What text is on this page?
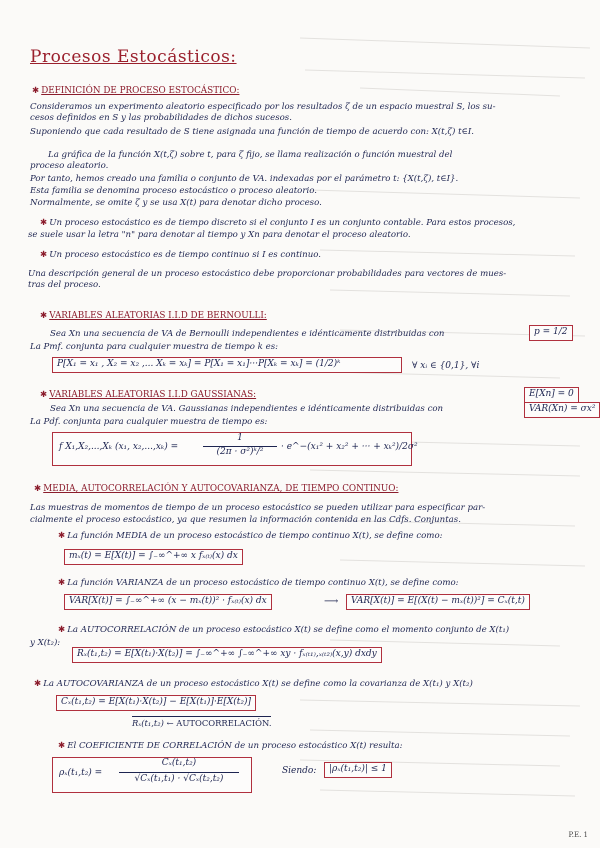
Procesos Estocásticos:
✱ DEFINICIÓN DE PROCESO ESTOCÁSTICO:
Consideramos un experimento aleatorio especificado por los resultados ζ de un espacio muestral S, los su-
cesos definidos en S y las probabilidades de dichos sucesos.
Suponiendo que cada resultado de S tiene asignada una función de tiempo de acuerdo con: X(t,ζ) t∈I.
La gráfica de la función X(t,ζ) sobre t, para ζ fijo, se llama realización o función muestral del
proceso aleatorio.
Por tanto, hemos creado una familia o conjunto de VA. indexadas por el parámetro t: {X(t,ζ), t∈I}.
Esta familia se denomina proceso estocástico o proceso aleatorio.
Normalmente, se omite ζ y se usa X(t) para denotar dicho proceso.
✱ Un proceso estocástico es de tiempo discreto si el conjunto I es un conjunto contable. Para estos procesos,
se suele usar la letra "n" para denotar al tiempo y Xn para denotar el proceso aleatorio.
✱ Un proceso estocástico es de tiempo continuo si I es continuo.
Una descripción general de un proceso estocástico debe proporcionar probabilidades para vectores de mues-
tras del proceso.
✱ VARIABLES ALEATORIAS I.I.D DE BERNOULLI:
Sea Xn una secuencia de VA de Bernoulli independientes e idénticamente distribuidas con	p = 1/2
La Pmf. conjunta para cualquier muestra de tiempo k es:
P[X₁ = x₁ , X₂ = x₂ ,... Xₖ = xₖ] = P[X₁ = x₁]···P[Xₖ = xₖ] = (1/2)ᵏ	∀ xᵢ ∈ {0,1}, ∀i
✱ VARIABLES ALEATORIAS I.I.D GAUSSIANAS:	E[Xn] = 0
VAR(Xn) = σx²
Sea Xn una secuencia de VA. Gaussianas independientes e idénticamente distribuidas con
La Pdf. conjunta para cualquier muestra de tiempo es:
f X₁,X₂,...,Xₖ (x₁, x₂,...,xₖ) =
1
(2π · σ²)ᵏ/²	· e^−(x₁² + x₂² + ··· + xₖ²)/2σ²
✱ MEDIA, AUTOCORRELACIÓN Y AUTOCOVARIANZA, DE TIEMPO CONTINUO:
Las muestras de momentos de tiempo de un proceso estocástico se pueden utilizar para especificar par-
cialmente el proceso estocástico, ya que resumen la información contenida en las Cdfs. Conjuntas.
✱ La función MEDIA de un proceso estocástico de tiempo continuo X(t), se define como:
mₓ(t) = E[X(t)] = ∫₋∞^+∞ x fₓ₍ₜ₎(x) dx
✱ La función VARIANZA de un proceso estocástico de tiempo continuo X(t), se define como:
VAR[X(t)] = ∫₋∞^+∞ (x − mₓ(t))² · fₓ₍ₜ₎(x) dx	⟶	VAR[X(t)] = E[(X(t) − mₓ(t))²] = Cₓ(t,t)
✱ La AUTOCORRELACIÓN de un proceso estocástico X(t) se define como el momento conjunto de X(t₁)
y X(t₂):
Rₓ(t₁,t₂) = E[X(t₁)·X(t₂)] = ∫₋∞^+∞ ∫₋∞^+∞ xy · fₓ₍ₜ₁₎,ₓ₍ₜ₂₎(x,y) dxdy
✱ La AUTOCOVARIANZA de un proceso estocástico X(t) se define como la covarianza de X(t₁) y X(t₂)
Cₓ(t₁,t₂) = E[X(t₁)·X(t₂)] − E[X(t₁)]·E[X(t₂)]
Rₓ(t₁,t₂) ← AUTOCORRELACIÓN.
✱ El COEFICIENTE DE CORRELACIÓN de un proceso estocástico X(t) resulta:
ρₓ(t₁,t₂) =
Cₓ(t₁,t₂)
√Cₓ(t₁,t₁) · √Cₓ(t₂,t₂)
Siendo:	|ρₓ(t₁,t₂)| ≤ 1
P.E. 1
